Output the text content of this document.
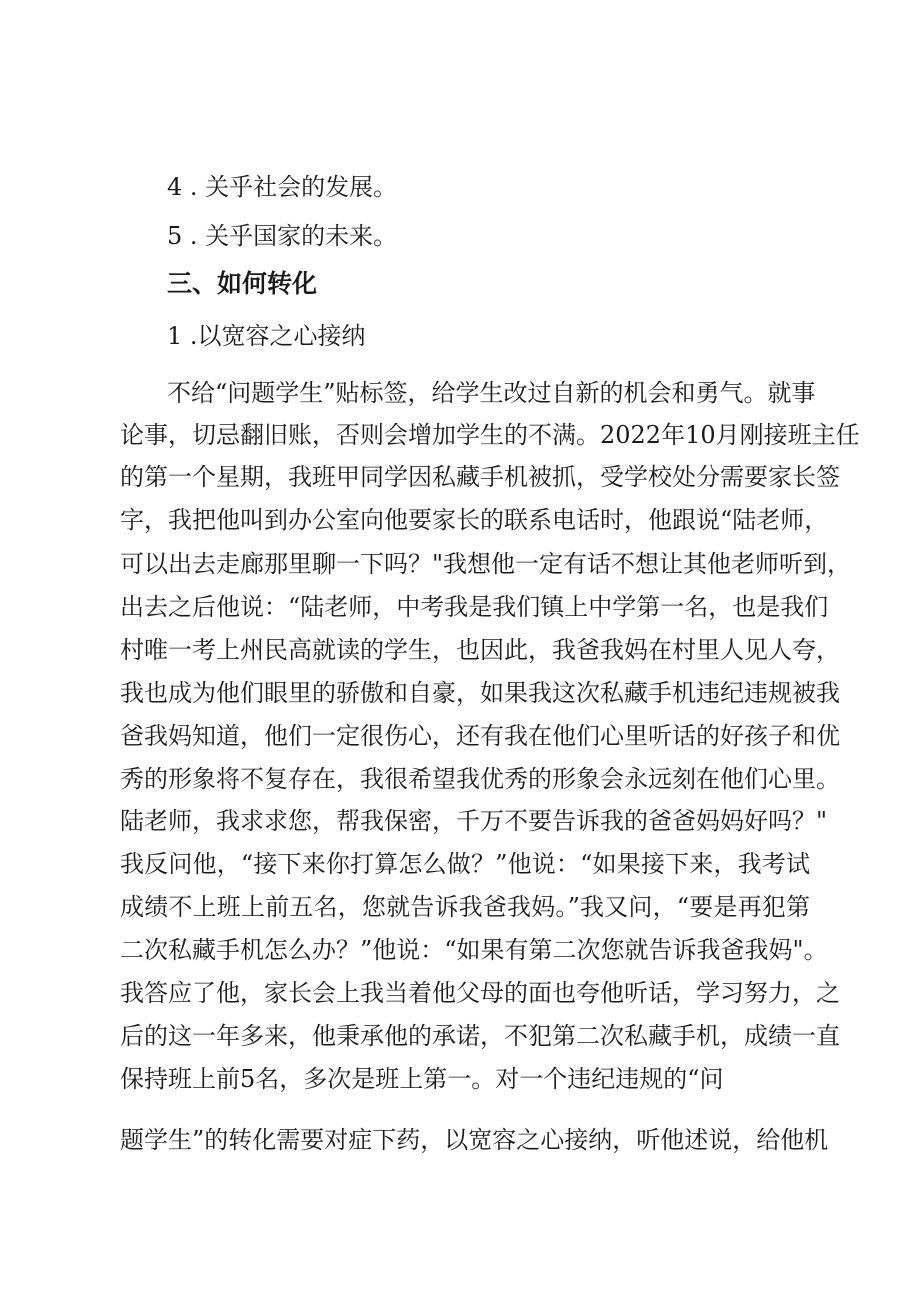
4 . 关乎社会的发展。
5 . 关乎国家的未来。
三、如何转化
1 .以宽容之心接纳
不给“问题学生”贴标签，给学生改过自新的机会和勇气。就事
论事，切忌翻旧账，否则会增加学生的不满。2022年10月刚接班主任
的第一个星期，我班甲同学因私藏手机被抓，受学校处分需要家长签
字，我把他叫到办公室向他要家长的联系电话时，他跟说“陆老师，
可以出去走廊那里聊一下吗？"我想他一定有话不想让其他老师听到，
出去之后他说：“陆老师，中考我是我们镇上中学第一名，也是我们
村唯一考上州民高就读的学生，也因此，我爸我妈在村里人见人夸，
我也成为他们眼里的骄傲和自豪，如果我这次私藏手机违纪违规被我
爸我妈知道，他们一定很伤心，还有我在他们心里听话的好孩子和优
秀的形象将不复存在，我很希望我优秀的形象会永远刻在他们心里。
陆老师，我求求您，帮我保密，千万不要告诉我的爸爸妈妈好吗？"
我反问他，“接下来你打算怎么做？”他说：“如果接下来，我考试
成绩不上班上前五名，您就告诉我爸我妈。”我又问，“要是再犯第
二次私藏手机怎么办？”他说：“如果有第二次您就告诉我爸我妈"。
我答应了他，家长会上我当着他父母的面也夸他听话，学习努力，之
后的这一年多来，他秉承他的承诺，不犯第二次私藏手机，成绩一直
保持班上前5名，多次是班上第一。对一个违纪违规的“问
题学生”的转化需要对症下药，以宽容之心接纳，听他述说，给他机
